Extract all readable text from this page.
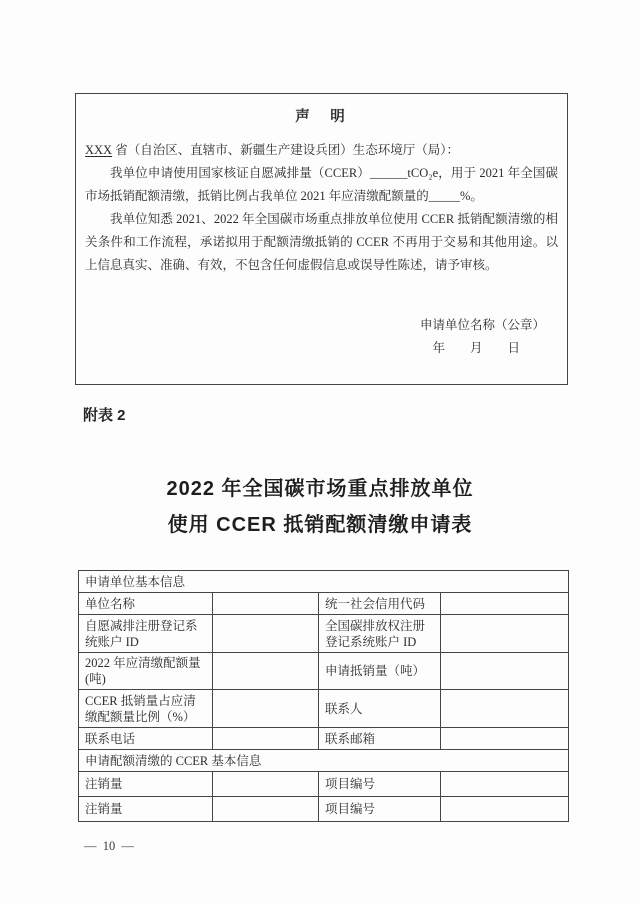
声　明

XXX 省（自治区、直辖市、新疆生产建设兵团）生态环境厅（局）：

我单位申请使用国家核证自愿减排量（CCER）______tCO₂e，用于 2021 年全国碳市场抵销配额清缴，抵销比例占我单位 2021 年应清缴配额量的_____%。

我单位知悉 2021、2022 年全国碳市场重点排放单位使用 CCER 抵销配额清缴的相关条件和工作流程，承诺拟用于配额清缴抵销的 CCER 不再用于交易和其他用途。以上信息真实、准确、有效，不包含任何虚假信息或误导性陈述，请予审核。

申请单位名称（公章）
年　　月　　日
附表 2
2022 年全国碳市场重点排放单位
使用 CCER 抵销配额清缴申请表
申请单位基本信息			
单位名称		统一社会信用代码	
自愿减排注册登记系统账户 ID		全国碳排放权注册登记系统账户 ID	
2022 年应清缴配额量(吨)		申请抵销量（吨）	
CCER 抵销量占应清缴配额量比例（%）		联系人	
联系电话		联系邮箱	
申请配额清缴的 CCER 基本信息			
注销量		项目编号	
注销量		项目编号	
—  10  —
